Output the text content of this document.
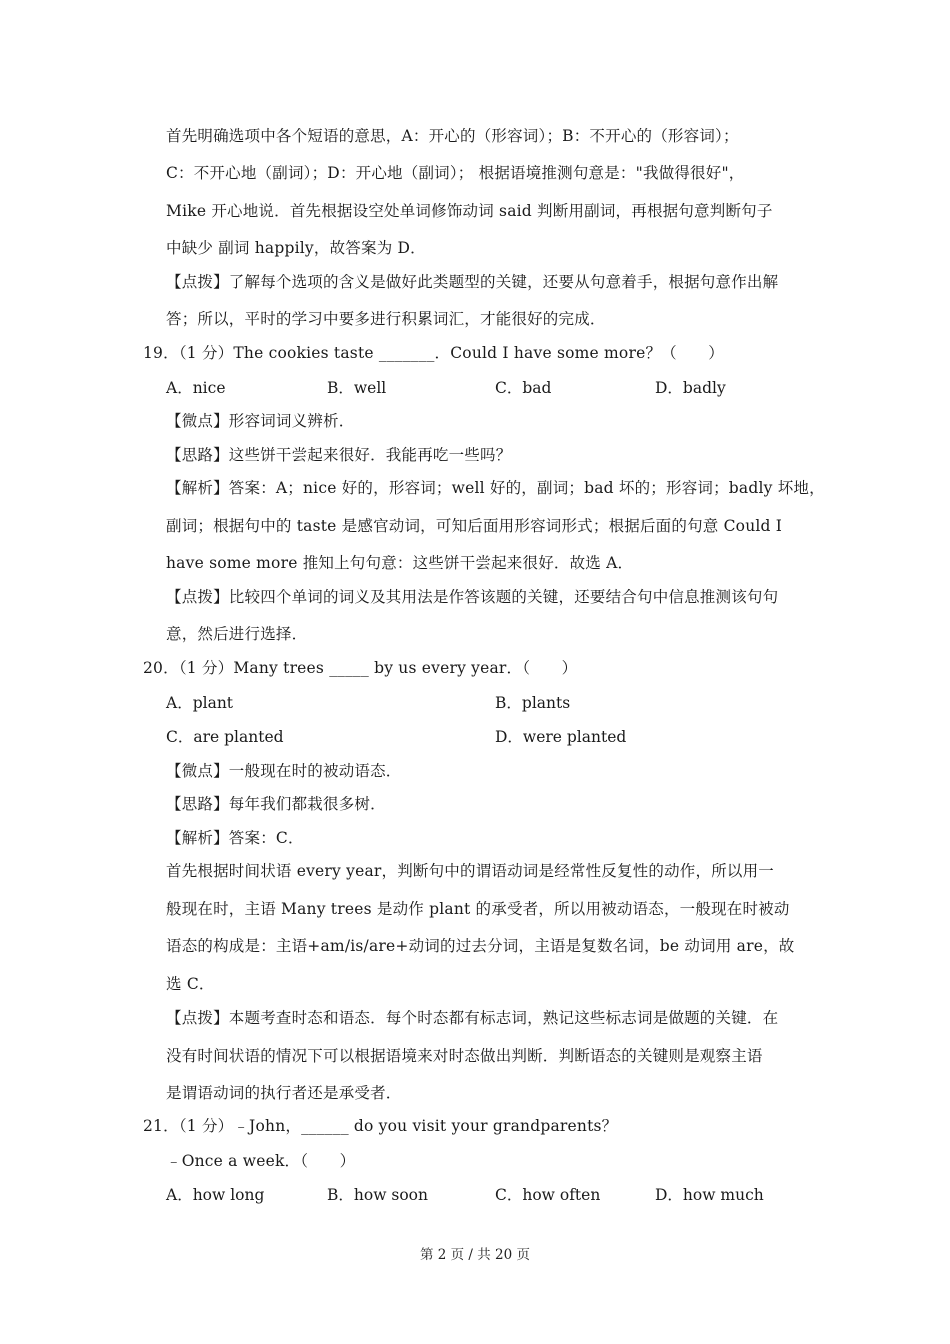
首先明确选项中各个短语的意思，A：开心的（形容词）；B：不开心的（形容词）；
C：不开心地（副词）；D：开心地（副词）； 根据语境推测句意是："我做得很好"，
Mike 开心地说．首先根据设空处单词修饰动词 said 判断用副词，再根据句意判断句子
中缺少 副词 happily，故答案为 D．
【点拨】了解每个选项的含义是做好此类题型的关键，还要从句意着手，根据句意作出解
答；所以，平时的学习中要多进行积累词汇，才能很好的完成．
19．（1 分）The cookies taste _______．Could I have some more？（　　）
A．nice	B．well	C．bad	D．badly
【微点】形容词词义辨析．
【思路】这些饼干尝起来很好．我能再吃一些吗？
【解析】答案：A；nice 好的，形容词；well 好的，副词；bad 坏的；形容词；badly 坏地，
副词；根据句中的 taste 是感官动词，可知后面用形容词形式；根据后面的句意 Could I
have some more 推知上句句意：这些饼干尝起来很好．故选 A．
【点拨】比较四个单词的词义及其用法是作答该题的关键，还要结合句中信息推测该句句
意，然后进行选择．
20．（1 分）Many trees _____ by us every year．（　　）
A．plant	B．plants
C．are planted	D．were planted
【微点】一般现在时的被动语态．
【思路】每年我们都栽很多树．
【解析】答案：C．
首先根据时间状语 every year，判断句中的谓语动词是经常性反复性的动作，所以用一
般现在时，主语 Many trees 是动作 plant 的承受者，所以用被动语态，一般现在时被动
语态的构成是：主语+am/is/are+动词的过去分词，主语是复数名词，be 动词用 are，故
选 C．
【点拨】本题考查时态和语态．每个时态都有标志词，熟记这些标志词是做题的关键．在
没有时间状语的情况下可以根据语境来对时态做出判断．判断语态的关键则是观察主语
是谓语动词的执行者还是承受者．
21．（1 分）﹣John，______ do you visit your grandparents？
﹣Once a week．（　　）
A．how long	B．how soon	C．how often	D．how much
第 2 页 / 共 20 页
